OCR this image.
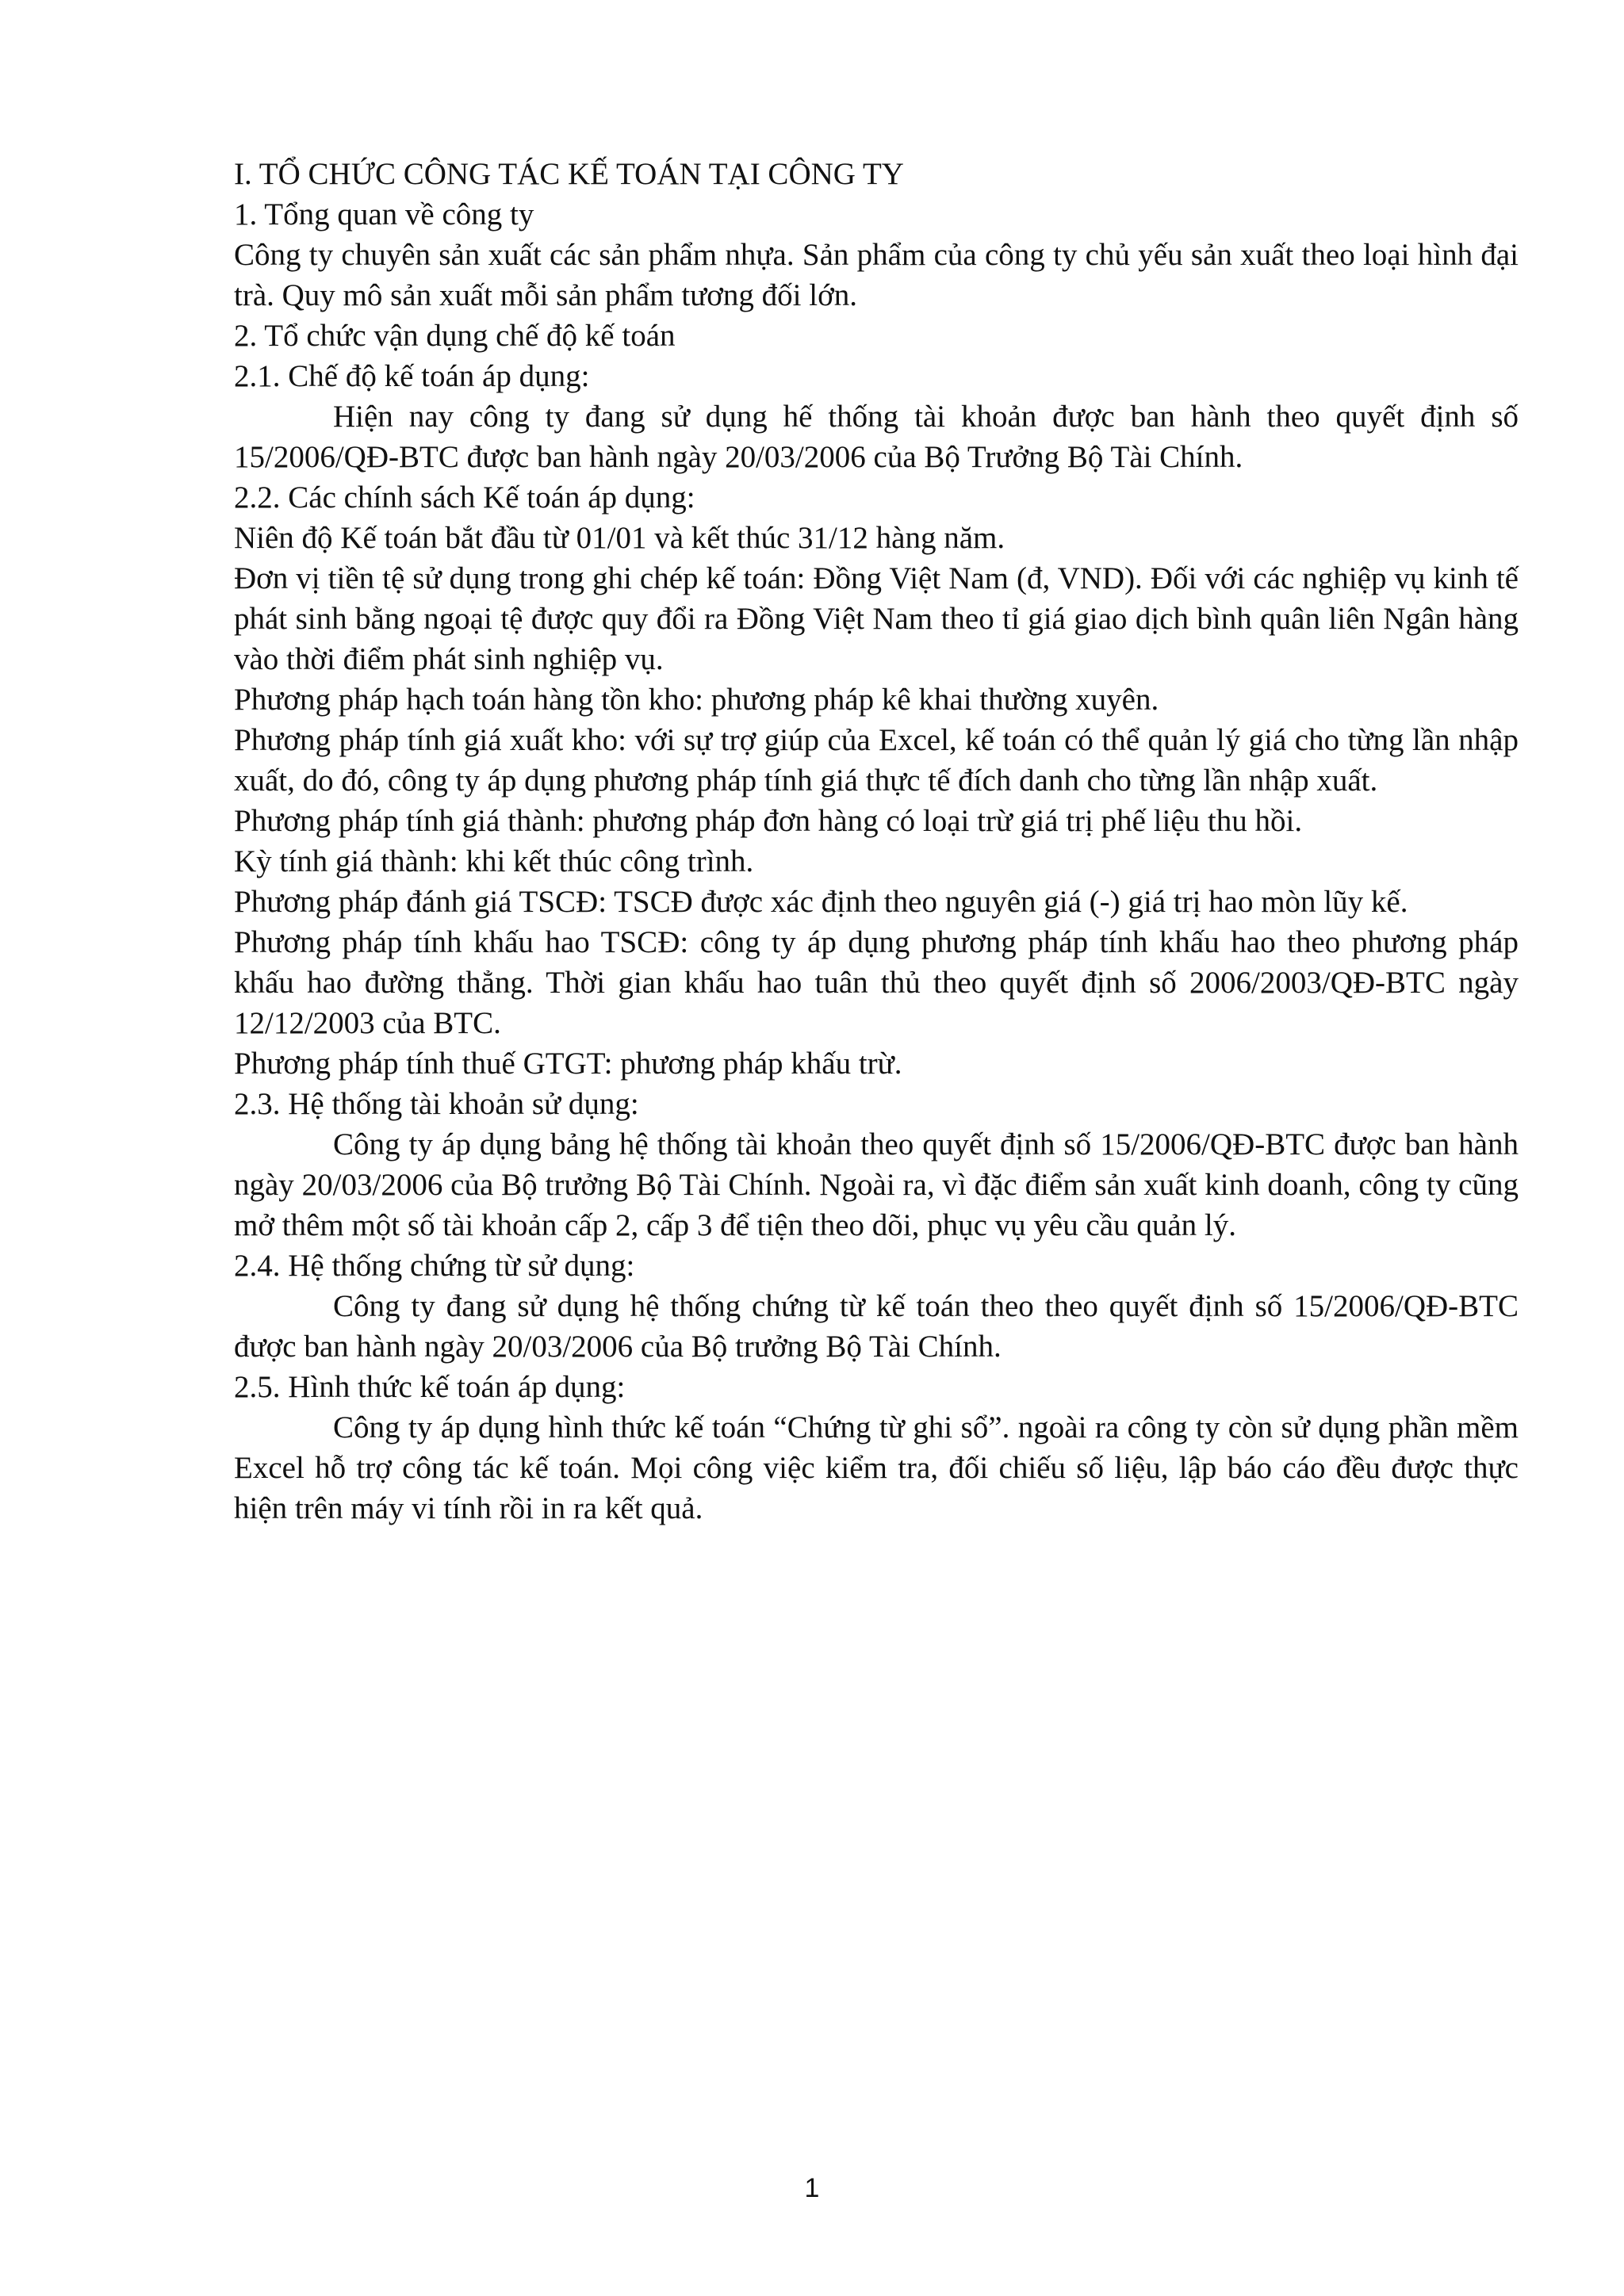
I. TỔ CHỨC CÔNG TÁC KẾ TOÁN TẠI CÔNG TY

1. Tổng quan về công ty

Công ty chuyên sản xuất các sản phẩm nhựa. Sản phẩm của công ty chủ yếu sản xuất theo loại hình đại trà. Quy mô sản xuất mỗi sản phẩm tương đối lớn.

2. Tổ chức vận dụng chế độ kế toán

2.1. Chế độ kế toán áp dụng:

Hiện nay công ty đang sử dụng hế thống tài khoản được ban hành theo quyết định số 15/2006/QĐ-BTC được ban hành ngày 20/03/2006 của Bộ Trưởng Bộ Tài Chính.

2.2. Các chính sách Kế toán áp dụng:

Niên độ Kế toán bắt đầu từ 01/01 và kết thúc 31/12 hàng năm.

Đơn vị tiền tệ sử dụng trong ghi chép kế toán: Đồng Việt Nam (đ, VND). Đối với các nghiệp vụ kinh tế phát sinh bằng ngoại tệ được quy đổi ra Đồng Việt Nam theo tỉ giá giao dịch bình quân liên Ngân hàng vào thời điểm phát sinh nghiệp vụ.

Phương pháp hạch toán hàng tồn kho: phương pháp kê khai thường xuyên.

Phương pháp tính giá xuất kho: với sự trợ giúp của Excel, kế toán có thể quản lý giá cho từng lần nhập xuất, do đó, công ty áp dụng phương pháp tính giá thực tế đích danh cho từng lần nhập xuất.

Phương pháp tính giá thành: phương pháp đơn hàng có loại trừ giá trị phế liệu thu hồi.

Kỳ tính giá thành: khi kết thúc công trình.

Phương pháp đánh giá TSCĐ: TSCĐ được xác định theo nguyên giá (-) giá trị hao mòn lũy kế.

Phương pháp tính khấu hao TSCĐ: công ty áp dụng phương pháp tính khấu hao theo phương pháp khấu hao đường thẳng. Thời gian khấu hao tuân thủ theo quyết định số 2006/2003/QĐ-BTC ngày 12/12/2003 của BTC.

Phương pháp tính thuế GTGT: phương pháp khấu trừ.

2.3. Hệ thống tài khoản sử dụng:

Công ty áp dụng bảng hệ thống tài khoản theo quyết định số 15/2006/QĐ-BTC được ban hành ngày 20/03/2006 của Bộ trưởng Bộ Tài Chính. Ngoài ra, vì đặc điểm sản xuất kinh doanh, công ty cũng mở thêm một số tài khoản cấp 2, cấp 3 để tiện theo dõi, phục vụ yêu cầu quản lý.

2.4. Hệ thống chứng từ sử dụng:

Công ty đang sử dụng hệ thống chứng từ kế toán theo theo quyết định số 15/2006/QĐ-BTC được ban hành ngày 20/03/2006 của Bộ trưởng Bộ Tài Chính.

2.5. Hình thức kế toán áp dụng:

Công ty áp dụng hình thức kế toán “Chứng từ ghi sổ”. ngoài ra công ty còn sử dụng phần mềm Excel hỗ trợ công tác kế toán. Mọi công việc kiểm tra, đối chiếu số liệu, lập báo cáo đều được thực hiện trên máy vi tính rồi in ra kết quả.

1
